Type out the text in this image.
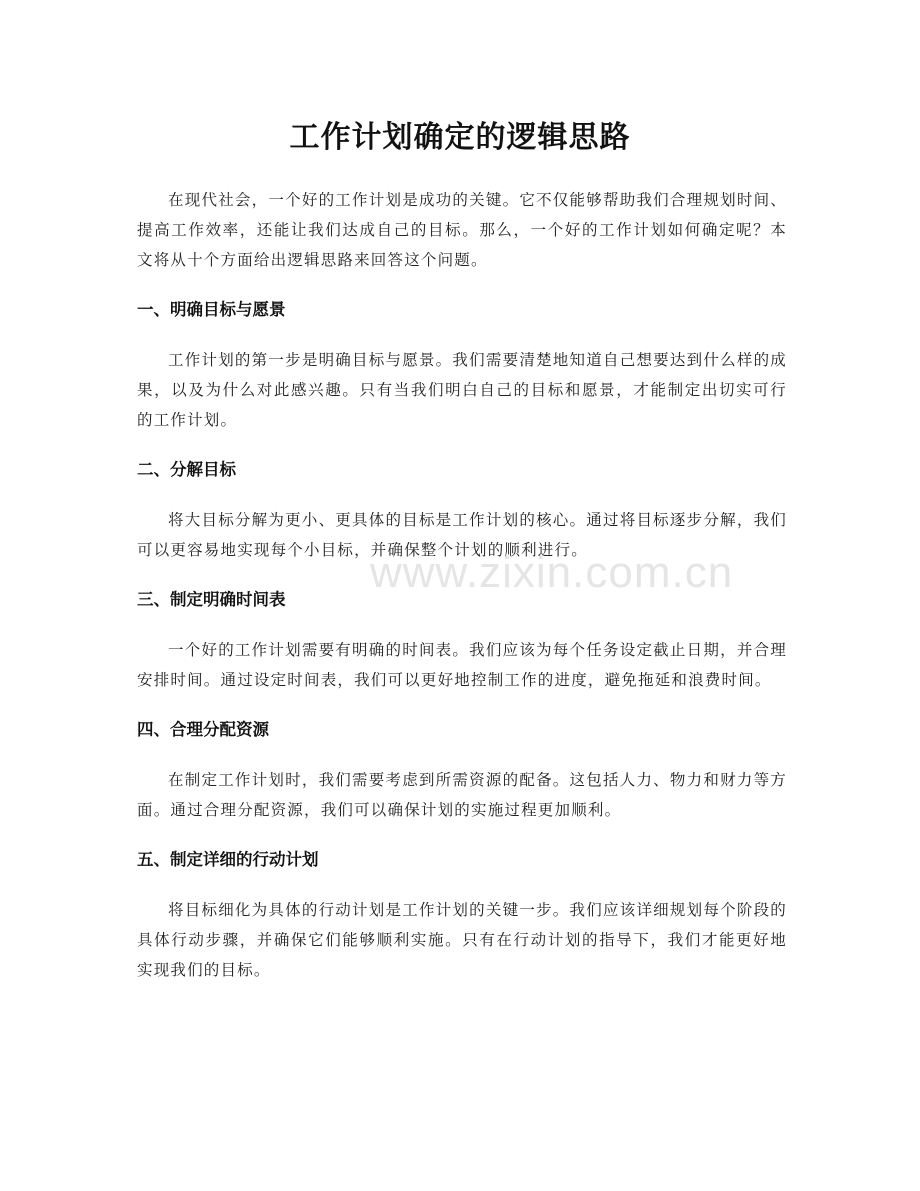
工作计划确定的逻辑思路

在现代社会，一个好的工作计划是成功的关键。它不仅能够帮助我们合理规划时间、提高工作效率，还能让我们达成自己的目标。那么，一个好的工作计划如何确定呢？本文将从十个方面给出逻辑思路来回答这个问题。

一、明确目标与愿景

工作计划的第一步是明确目标与愿景。我们需要清楚地知道自己想要达到什么样的成果，以及为什么对此感兴趣。只有当我们明白自己的目标和愿景，才能制定出切实可行的工作计划。

二、分解目标

将大目标分解为更小、更具体的目标是工作计划的核心。通过将目标逐步分解，我们可以更容易地实现每个小目标，并确保整个计划的顺利进行。

三、制定明确时间表

一个好的工作计划需要有明确的时间表。我们应该为每个任务设定截止日期，并合理安排时间。通过设定时间表，我们可以更好地控制工作的进度，避免拖延和浪费时间。

四、合理分配资源

在制定工作计划时，我们需要考虑到所需资源的配备。这包括人力、物力和财力等方面。通过合理分配资源，我们可以确保计划的实施过程更加顺利。

五、制定详细的行动计划

将目标细化为具体的行动计划是工作计划的关键一步。我们应该详细规划每个阶段的具体行动步骤，并确保它们能够顺利实施。只有在行动计划的指导下，我们才能更好地实现我们的目标。

www.zixin.com.cn
